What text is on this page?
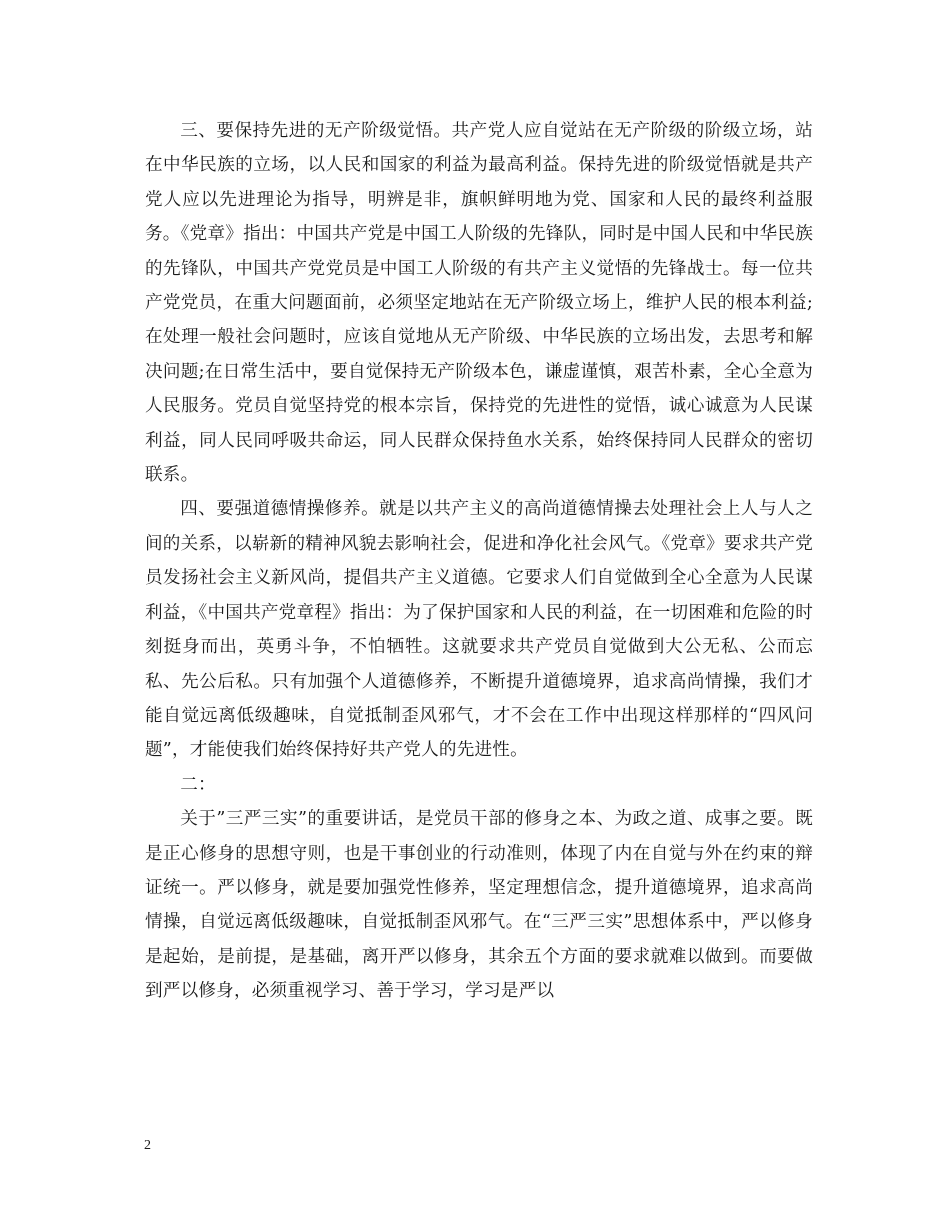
三、要保持先进的无产阶级觉悟。共产党人应自觉站在无产阶级的阶级立场，站在中华民族的立场，以人民和国家的利益为最高利益。保持先进的阶级觉悟就是共产党人应以先进理论为指导，明辨是非，旗帜鲜明地为党、国家和人民的最终利益服务。《党章》指出：中国共产党是中国工人阶级的先锋队，同时是中国人民和中华民族的先锋队，中国共产党党员是中国工人阶级的有共产主义觉悟的先锋战士。每一位共产党党员，在重大问题面前，必须坚定地站在无产阶级立场上，维护人民的根本利益;在处理一般社会问题时，应该自觉地从无产阶级、中华民族的立场出发，去思考和解决问题;在日常生活中，要自觉保持无产阶级本色，谦虚谨慎，艰苦朴素，全心全意为人民服务。党员自觉坚持党的根本宗旨，保持党的先进性的觉悟，诚心诚意为人民谋利益，同人民同呼吸共命运，同人民群众保持鱼水关系，始终保持同人民群众的密切联系。

四、要强道德情操修养。就是以共产主义的高尚道德情操去处理社会上人与人之间的关系，以崭新的精神风貌去影响社会，促进和净化社会风气。《党章》要求共产党员发扬社会主义新风尚，提倡共产主义道德。它要求人们自觉做到全心全意为人民谋利益，《中国共产党章程》指出：为了保护国家和人民的利益，在一切困难和危险的时刻挺身而出，英勇斗争，不怕牺牲。这就要求共产党员自觉做到大公无私、公而忘私、先公后私。只有加强个人道德修养，不断提升道德境界，追求高尚情操，我们才能自觉远离低级趣味，自觉抵制歪风邪气，才不会在工作中出现这样那样的“四风问题”，才能使我们始终保持好共产党人的先进性。

二：

关于”三严三实”的重要讲话，是党员干部的修身之本、为政之道、成事之要。既是正心修身的思想守则，也是干事创业的行动准则，体现了内在自觉与外在约束的辩证统一。严以修身，就是要加强党性修养，坚定理想信念，提升道德境界，追求高尚情操，自觉远离低级趣味，自觉抵制歪风邪气。在“三严三实”思想体系中，严以修身是起始，是前提，是基础，离开严以修身，其余五个方面的要求就难以做到。而要做到严以修身，必须重视学习、善于学习，学习是严以

2
